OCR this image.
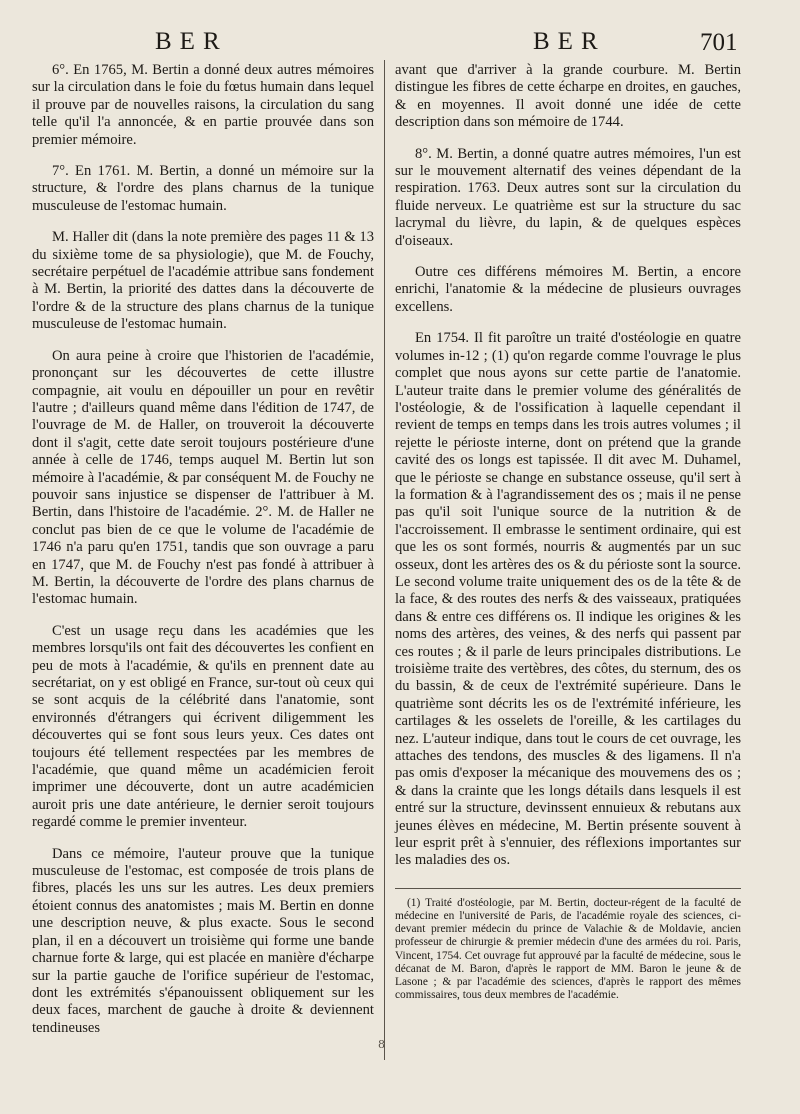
BER	BER	701

6°. En 1765, M. Bertin a donné deux autres mémoires sur la circulation dans le foie du fœtus humain dans lequel il prouve par de nouvelles raisons, la circulation du sang telle qu'il l'a annoncée, & en partie prouvée dans son premier mémoire.

7°. En 1761. M. Bertin, a donné un mémoire sur la structure, & l'ordre des plans charnus de la tunique musculeuse de l'estomac humain.

M. Haller dit (dans la note première des pages 11 & 13 du sixième tome de sa physiologie), que M. de Fouchy, secrétaire perpétuel de l'académie attribue sans fondement à M. Bertin, la priorité des dattes dans la découverte de l'ordre & de la structure des plans charnus de la tunique musculeuse de l'estomac humain.

On aura peine à croire que l'historien de l'académie, prononçant sur les découvertes de cette illustre compagnie, ait voulu en dépouiller un pour en revêtir l'autre ; d'ailleurs quand même dans l'édition de 1747, de l'ouvrage de M. de Haller, on trouveroit la découverte dont il s'agit, cette date seroit toujours postérieure d'une année à celle de 1746, temps auquel M. Bertin lut son mémoire à l'académie, & par conséquent M. de Fouchy ne pouvoir sans injustice se dispenser de l'attribuer à M. Bertin, dans l'histoire de l'académie. 2°. M. de Haller ne conclut pas bien de ce que le volume de l'académie de 1746 n'a paru qu'en 1751, tandis que son ouvrage a paru en 1747, que M. de Fouchy n'est pas fondé à attribuer à M. Bertin, la découverte de l'ordre des plans charnus de l'estomac humain.

C'est un usage reçu dans les académies que les membres lorsqu'ils ont fait des découvertes les confient en peu de mots à l'académie, & qu'ils en prennent date au secrétariat, on y est obligé en France, sur-tout où ceux qui se sont acquis de la célébrité dans l'anatomie, sont environnés d'étrangers qui écrivent diligemment les découvertes qui se font sous leurs yeux. Ces dates ont toujours été tellement respectées par les membres de l'académie, que quand même un académicien feroit imprimer une découverte, dont un autre académicien auroit pris une date antérieure, le dernier seroit toujours regardé comme le premier inventeur.

Dans ce mémoire, l'auteur prouve que la tunique musculeuse de l'estomac, est composée de trois plans de fibres, placés les uns sur les autres. Les deux premiers étoient connus des anatomistes ; mais M. Bertin en donne une description neuve, & plus exacte. Sous le second plan, il en a découvert un troisième qui forme une bande charnue forte & large, qui est placée en manière d'écharpe sur la partie gauche de l'orifice supérieur de l'estomac, dont les extrémités s'épanouissent obliquement sur les deux faces, marchent de gauche à droite & deviennent tendineuses

avant que d'arriver à la grande courbure. M. Bertin distingue les fibres de cette écharpe en droites, en gauches, & en moyennes. Il avoit donné une idée de cette description dans son mémoire de 1744.

8°. M. Bertin, a donné quatre autres mémoires, l'un est sur le mouvement alternatif des veines dépendant de la respiration. 1763. Deux autres sont sur la circulation du fluide nerveux. Le quatrième est sur la structure du sac lacrymal du lièvre, du lapin, & de quelques espèces d'oiseaux.

Outre ces différens mémoires M. Bertin, a encore enrichi, l'anatomie & la médecine de plusieurs ouvrages excellens.

En 1754. Il fit paroître un traité d'ostéologie en quatre volumes in-12 ; (1) qu'on regarde comme l'ouvrage le plus complet que nous ayons sur cette partie de l'anatomie. L'auteur traite dans le premier volume des généralités de l'ostéologie, & de l'ossification à laquelle cependant il revient de temps en temps dans les trois autres volumes ; il rejette le périoste interne, dont on prétend que la grande cavité des os longs est tapissée. Il dit avec M. Duhamel, que le périoste se change en substance osseuse, qu'il sert à la formation & à l'agrandissement des os ; mais il ne pense pas qu'il soit l'unique source de la nutrition & de l'accroissement. Il embrasse le sentiment ordinaire, qui est que les os sont formés, nourris & augmentés par un suc osseux, dont les artères des os & du périoste sont la source. Le second volume traite uniquement des os de la tête & de la face, & des routes des nerfs & des vaisseaux, pratiquées dans & entre ces différens os. Il indique les origines & les noms des artères, des veines, & des nerfs qui passent par ces routes ; & il parle de leurs principales distributions. Le troisième traite des vertèbres, des côtes, du sternum, des os du bassin, & de ceux de l'extrémité supérieure. Dans le quatrième sont décrits les os de l'extrémité inférieure, les cartilages & les osselets de l'oreille, & les cartilages du nez. L'auteur indique, dans tout le cours de cet ouvrage, les attaches des tendons, des muscles & des ligamens. Il n'a pas omis d'exposer la mécanique des mouvemens des os ; & dans la crainte que les longs détails dans lesquels il est entré sur la structure, devinssent ennuieux & rebutans aux jeunes élèves en médecine, M. Bertin présente souvent à leur esprit prêt à s'ennuier, des réflexions importantes sur les maladies des os.

(1) Traité d'ostéologie, par M. Bertin, docteur-régent de la faculté de médecine en l'université de Paris, de l'académie royale des sciences, ci-devant premier médecin du prince de Valachie & de Moldavie, ancien professeur de chirurgie & premier médecin d'une des armées du roi. Paris, Vincent, 1754. Cet ouvrage fut approuvé par la faculté de médecine, sous le décanat de M. Baron, d'après le rapport de MM. Baron le jeune & de Lasone ; & par l'académie des sciences, d'après le rapport des mêmes commissaires, tous deux membres de l'académie.

8
